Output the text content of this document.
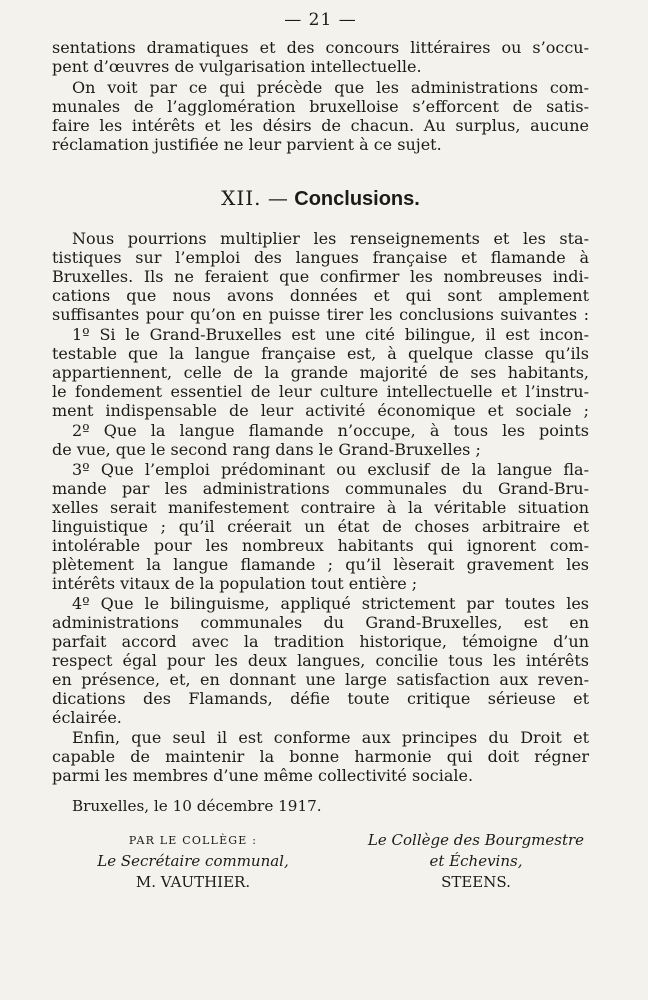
— 21 —
sentations dramatiques et des concours littéraires ou s’occu-
pent d’œuvres de vulgarisation intellectuelle.
On voit par ce qui précède que les administrations com-
munales de l’agglomération bruxelloise s’efforcent de satis-
faire les intérêts et les désirs de chacun. Au surplus, aucune
réclamation justifiée ne leur parvient à ce sujet.
XII. — Conclusions.
Nous pourrions multiplier les renseignements et les sta-
tistiques sur l’emploi des langues française et flamande à
Bruxelles. Ils ne feraient que confirmer les nombreuses indi-
cations que nous avons données et qui sont amplement
suffisantes pour qu’on en puisse tirer les conclusions suivantes :
1º Si le Grand-Bruxelles est une cité bilingue, il est incon-
testable que la langue française est, à quelque classe qu’ils
appartiennent, celle de la grande majorité de ses habitants,
le fondement essentiel de leur culture intellectuelle et l’instru-
ment indispensable de leur activité économique et sociale ;
2º Que la langue flamande n’occupe, à tous les points
de vue, que le second rang dans le Grand-Bruxelles ;
3º Que l’emploi prédominant ou exclusif de la langue fla-
mande par les administrations communales du Grand-Bru-
xelles serait manifestement contraire à la véritable situation
linguistique ; qu’il créerait un état de choses arbitraire et
intolérable pour les nombreux habitants qui ignorent com-
plètement la langue flamande ; qu’il lèserait gravement les
intérêts vitaux de la population tout entière ;
4º Que le bilinguisme, appliqué strictement par toutes les
administrations communales du Grand-Bruxelles, est en
parfait accord avec la tradition historique, témoigne d’un
respect égal pour les deux langues, concilie tous les intérêts
en présence, et, en donnant une large satisfaction aux reven-
dications des Flamands, défie toute critique sérieuse et
éclairée.
Enfin, que seul il est conforme aux principes du Droit et
capable de maintenir la bonne harmonie qui doit régner
parmi les membres d’une même collectivité sociale.
Bruxelles, le 10 décembre 1917.
PAR LE COLLÈGE :
Le Secrétaire communal,
M. VAUTHIER.
Le Collège des Bourgmestre
et Échevins,
STEENS.
